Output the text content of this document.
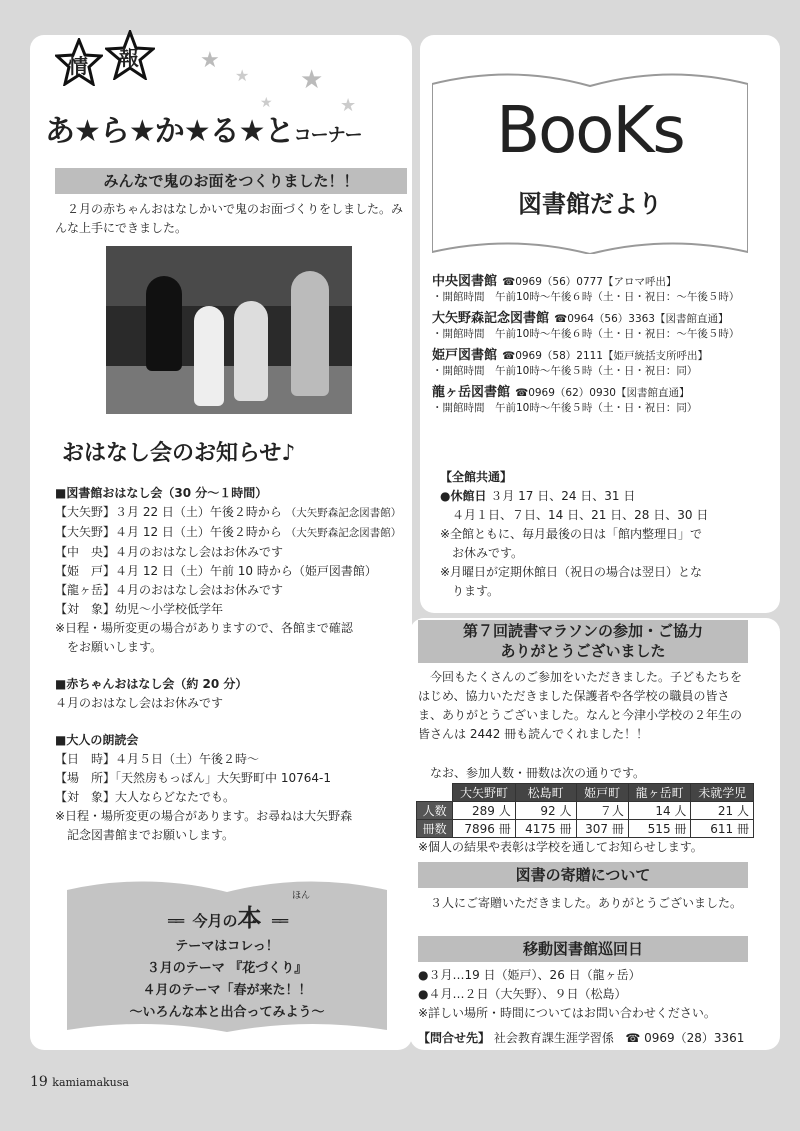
★
★ ★
★
★
情 報
あ★ら★か★る★とコーナー
みんなで鬼のお面をつくりました！！
２月の赤ちゃんおはなしかいで鬼のお面づくりをしました。みんな上手にできました。
おはなし会のお知らせ♪
■図書館おはなし会（30 分〜１時間）
【大矢野】３月 22 日（土）午後２時から （大矢野森記念図書館）
【大矢野】４月 12 日（土）午後２時から （大矢野森記念図書館）
【中　央】４月のおはなし会はお休みです
【姫　戸】４月 12 日（土）午前 10 時から（姫戸図書館）
【龍ヶ岳】４月のおはなし会はお休みです
【対　象】幼児〜小学校低学年
※日程・場所変更の場合がありますので、各館まで確認
をお願いします。
■赤ちゃんおはなし会（約 20 分）
４月のおはなし会はお休みです
■大人の朗読会
【日　時】４月５日（土）午後２時〜
【場　所】「天然房もっぱん」大矢野町中 10764-1
【対　象】大人ならどなたでも。
※日程・場所変更の場合があります。お尋ねは大矢野森
記念図書館までお願いします。
ほん
══ 今月の本 ══
テーマはコレっ！
３月のテーマ 『花づくり』
４月のテーマ「春が来た！！
〜いろんな本と出合ってみよう〜
BooKs
図書館だより
中央図書館 ☎0969（56）0777【アロマ呼出】
・開館時間　午前10時〜午後６時（土・日・祝日：〜午後５時）
大矢野森記念図書館 ☎0964（56）3363【図書館直通】
・開館時間　午前10時〜午後６時（土・日・祝日：〜午後５時）
姫戸図書館 ☎0969（58）2111【姫戸統括支所呼出】
・開館時間　午前10時〜午後５時（土・日・祝日：同）
龍ヶ岳図書館 ☎0969（62）0930【図書館直通】
・開館時間　午前10時〜午後５時（土・日・祝日：同）
【全館共通】
●休館日 ３月 17 日、24 日、31 日
４月１日、７日、14 日、21 日、28 日、30 日
※全館ともに、毎月最後の日は「館内整理日」で
お休みです。
※月曜日が定期休館日（祝日の場合は翌日）とな
ります。
第７回読書マラソンの参加・ご協力
ありがとうございました
今回もたくさんのご参加をいただきました。子どもたちをはじめ、協力いただきました保護者や各学校の職員の皆さま、ありがとうございました。なんと今津小学校の２年生の皆さんは 2442 冊も読んでくれました！！
なお、参加人数・冊数は次の通りです。
	大矢野町	松島町	姫戸町	龍ヶ岳町	未就学児
人数	289 人	92 人	７人	14 人	21 人
冊数	7896 冊	4175 冊	307 冊	515 冊	611 冊
※個人の結果や表彰は学校を通してお知らせします。
図書の寄贈について
３人にご寄贈いただきました。ありがとうございました。
移動図書館巡回日
●３月…19 日（姫戸）、26 日（龍ヶ岳）
●４月…２日（大矢野）、９日（松島）
※詳しい場所・時間についてはお問い合わせください。
【問合せ先】 社会教育課生涯学習係 ☎ 0969（28）3361
19 kamiamakusa
